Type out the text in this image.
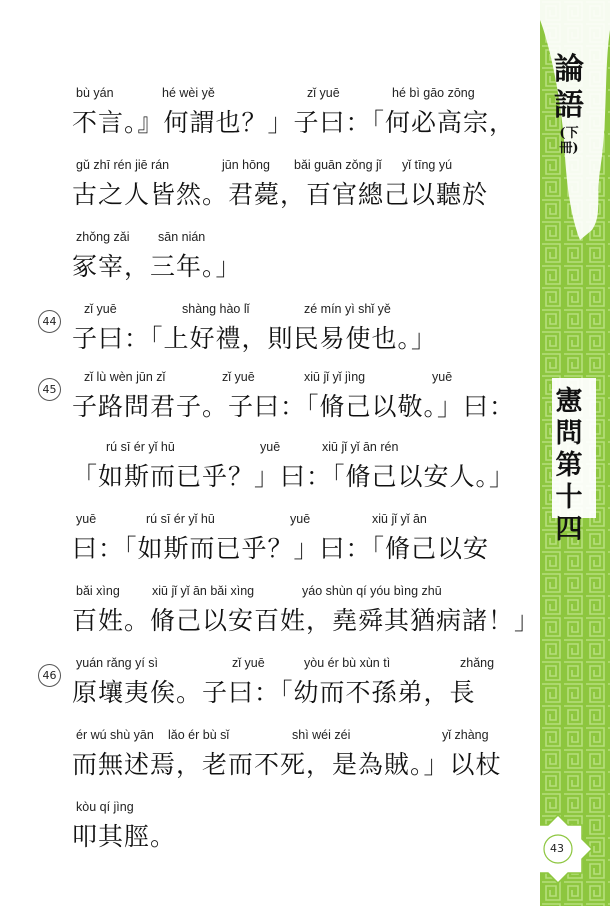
論
語
(下
冊)
憲
問
第
十
四
43
bù yán	hé wèi yě	zǐ yuē	hé bì gāo zōng
不言。』何謂也？」子曰：「何必高宗，
gǔ zhī rén jiē rán	jūn hōng bǎi guān zǒng jǐ yǐ tīng yú
古之人皆然。君薨，百官總己以聽於
zhǒng zǎi sān nián
冢宰，三年。」
zǐ yuē	shàng hào lǐ	zé mín yì shǐ yě
子曰：「上好禮，則民易使也。」
zǐ lù wèn jūn zǐ	zǐ yuē	xiū jǐ yǐ jìng	yuē
子路問君子。子曰：「脩己以敬。」曰：
rú sī ér yǐ hū	yuē	xiū jǐ yǐ ān rén
「如斯而已乎？」曰：「脩己以安人。」
yuē	rú sī ér yǐ hū	yuē	xiū jǐ yǐ ān
曰：「如斯而已乎？」曰：「脩己以安
bǎi xìng	xiū jǐ yǐ ān bǎi xìng	yáo shùn qí yóu bìng zhū
百姓。脩己以安百姓，堯舜其猶病諸！」
yuán rǎng yí sì	zǐ yuē	yòu ér bù xùn tì	zhǎng
原壤夷俟。子曰：「幼而不孫弟，長
ér wú shù yān lǎo ér bù sǐ	shì wéi zéi	yǐ zhàng
而無述焉，老而不死，是為賊。」以杖
kòu qí jìng
叩其脛。
44
45
46
